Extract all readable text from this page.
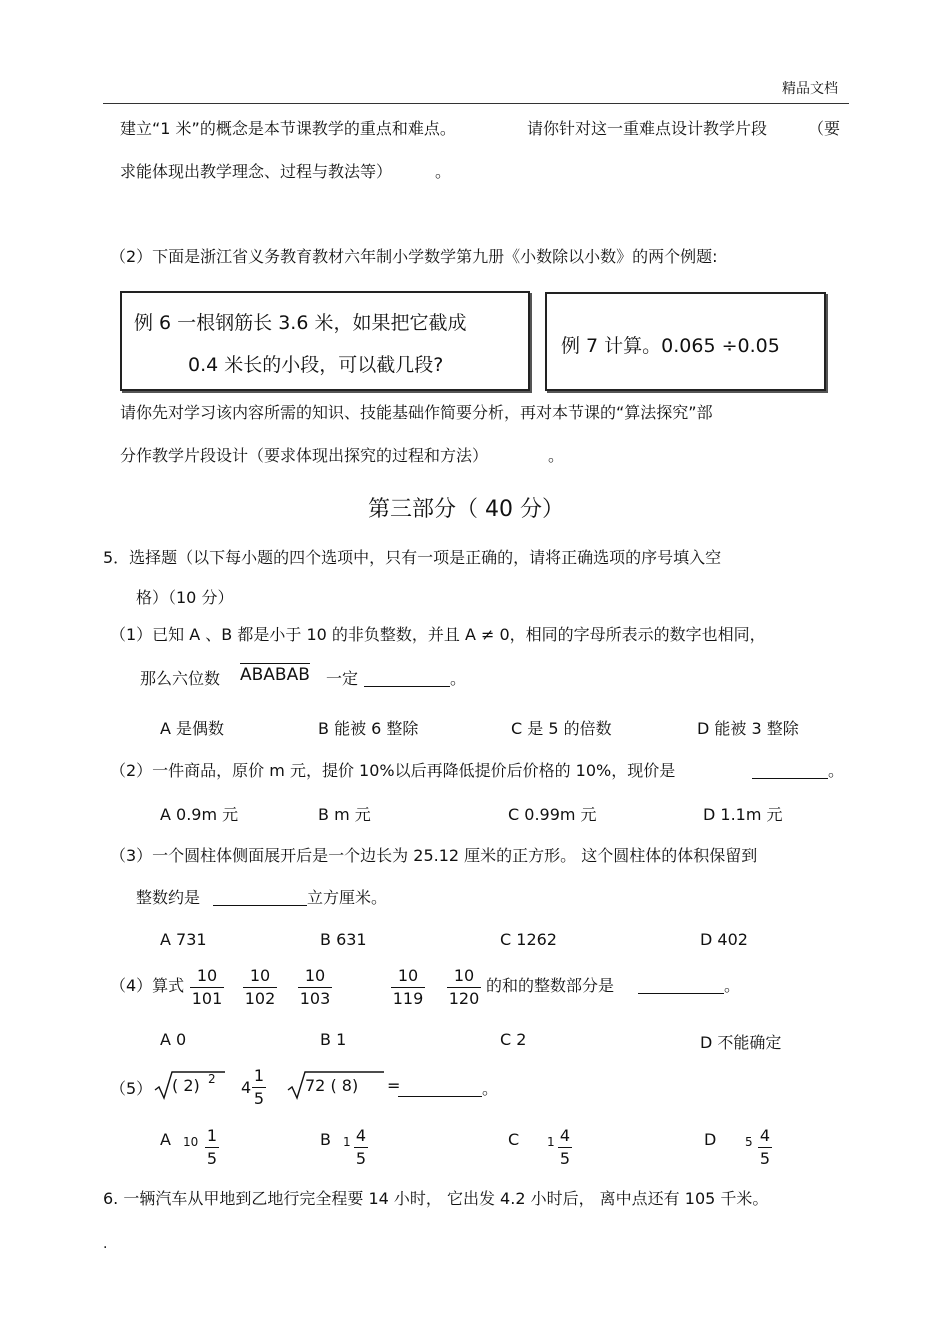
精品文档
建立“1 米”的概念是本节课教学的重点和难点。	请你针对这一重难点设计教学片段	（要
求能体现出教学理念、过程与教法等）	。
（2）下面是浙江省义务教育教材六年制小学数学第九册《小数除以小数》的两个例题:
例 6 一根钢筋长 3.6 米，如果把它截成
0.4 米长的小段，可以截几段?
例 7 计算。0.065 ÷0.05
请你先对学习该内容所需的知识、技能基础作简要分析，再对本节课的“算法探究”部
分作教学片段设计（要求体现出探究的过程和方法）	。
第三部分（ 40 分）
5．选择题（以下每小题的四个选项中，只有一项是正确的，请将正确选项的序号填入空
格）（10 分）
（1）已知 A 、B 都是小于 10 的非负整数，并且 A ≠ 0，相同的字母所表示的数字也相同，
那么六位数 ABABAB 一定	。
A 是偶数	B 能被 6 整除	C 是 5 的倍数	D 能被 3 整除
（2）一件商品，原价 m 元，提价 10%以后再降低提价后价格的 10%，现价是	。
A 0.9m 元	B m 元	C 0.99m 元	D 1.1m 元
（3）一个圆柱体侧面展开后是一个边长为 25.12 厘米的正方形。 这个圆柱体的体积保留到
整数约是	立方厘米。
A 731	B 631	C 1262	D 402
（4）算式
10
101
10
102
10
103
10
119
10
120
的和的整数部分是	。
A 0	B 1	C 2	D 不能确定
（5） ( 2) 2 4
1
5
72 ( 8) =	。
A 10 1
5
B 1 4
5
C 1 4
5
D 5 4
5
6. 一辆汽车从甲地到乙地行完全程要 14 小时， 它出发 4.2 小时后， 离中点还有 105 千米。
.
